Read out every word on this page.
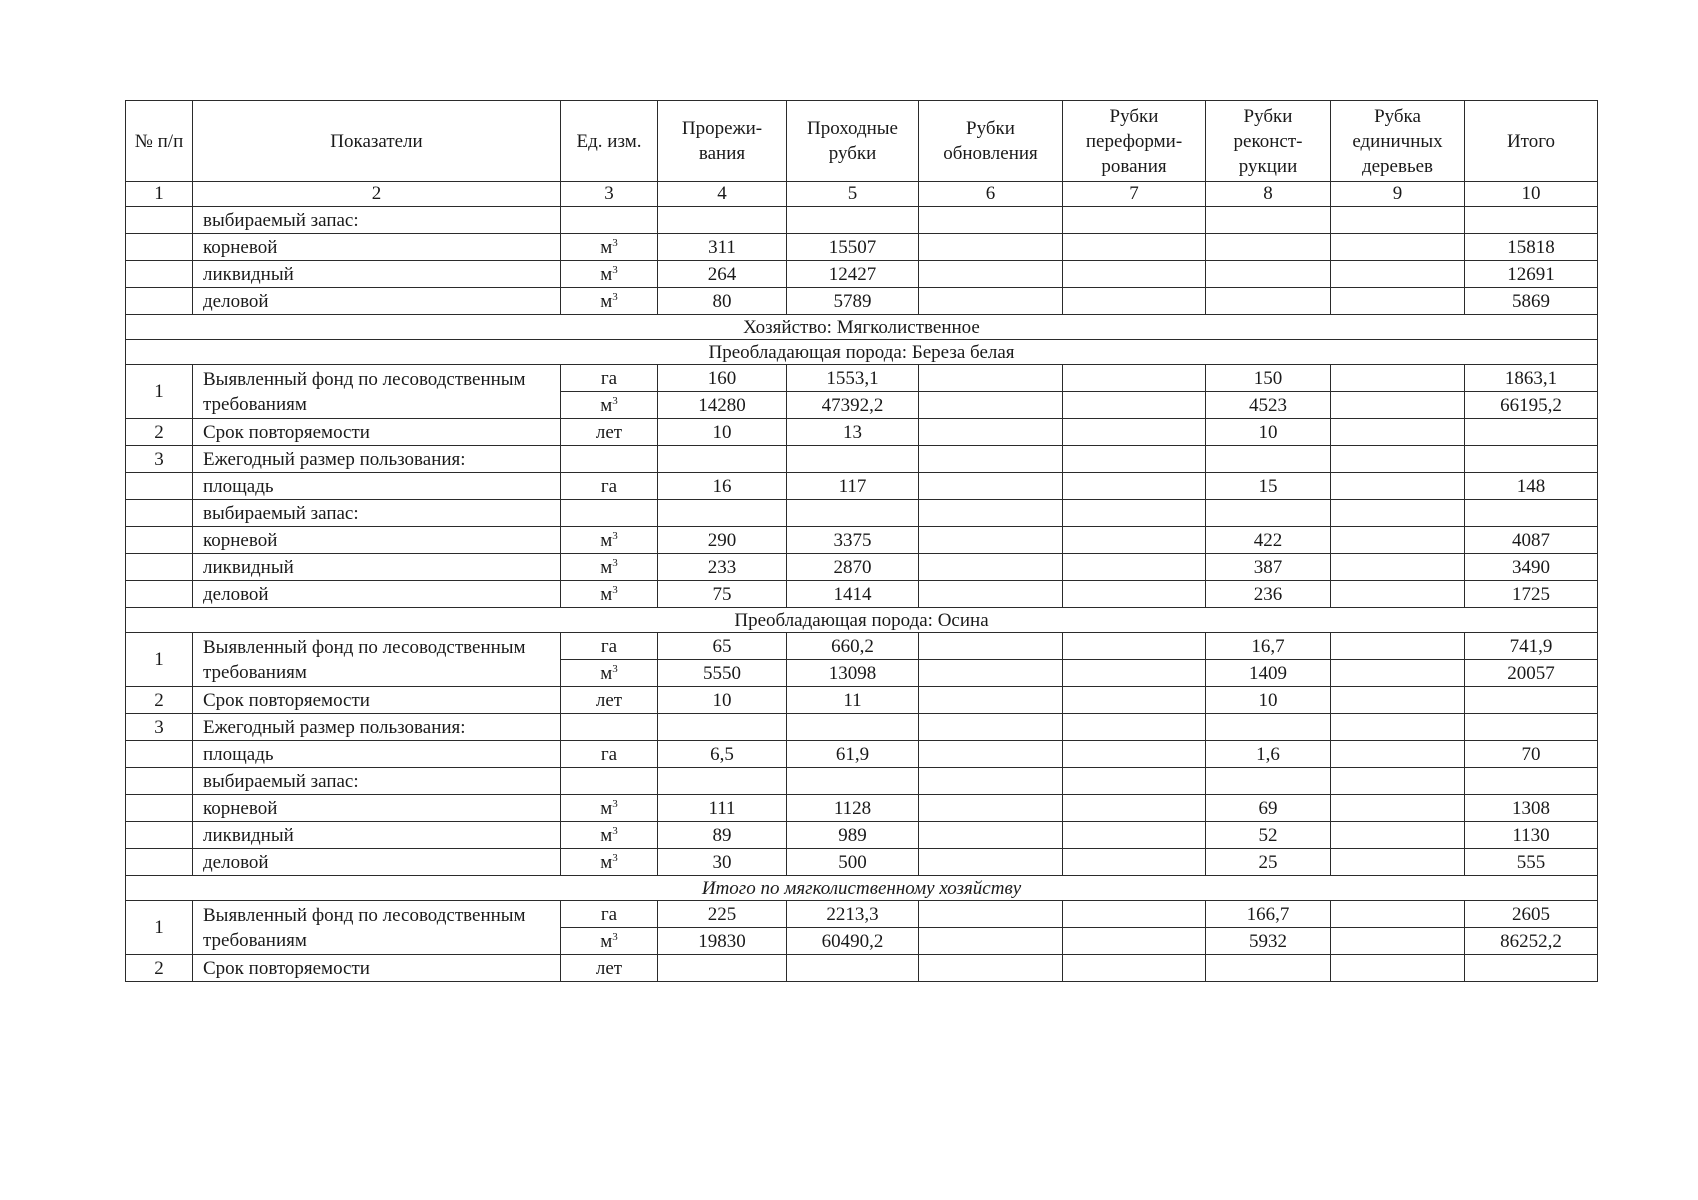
№ п/п	Показатели	Ед. изм.	Прорежи-вания	Проходные рубки	Рубки обновления	Рубки переформи-рования	Рубки реконст-рукции	Рубка единичных деревьев	Итого
1	2	3	4	5	6	7	8	9	10
	выбираемый запас:								
	корневой	$м^3$	311	15507					15818
	ликвидный	$м^3$	264	12427					12691
	деловой	$м^3$	80	5789					5869
Хозяйство: Мягколиственное									
Преобладающая порода: Береза белая									
1	Выявленный фонд по лесоводственным требованиям	га	160	1553,1			150		1863,1
		$м^3$	14280	47392,2			4523		66195,2
2	Срок повторяемости	лет	10	13			10		
3	Ежегодный размер пользования:								
	площадь	га	16	117			15		148
	выбираемый запас:								
	корневой	$м^3$	290	3375			422		4087
	ликвидный	$м^3$	233	2870			387		3490
	деловой	$м^3$	75	1414			236		1725
Преобладающая порода: Осина									
1	Выявленный фонд по лесоводственным требованиям	га	65	660,2			16,7		741,9
		$м^3$	5550	13098			1409		20057
2	Срок повторяемости	лет	10	11			10		
3	Ежегодный размер пользования:								
	площадь	га	6,5	61,9			1,6		70
	выбираемый запас:								
	корневой	$м^3$	111	1128			69		1308
	ликвидный	$м^3$	89	989			52		1130
	деловой	$м^3$	30	500			25		555
Итого по мягколиственному хозяйству									
1	Выявленный фонд по лесоводственным требованиям	га	225	2213,3			166,7		2605
		$м^3$	19830	60490,2			5932		86252,2
2	Срок повторяемости	лет							
